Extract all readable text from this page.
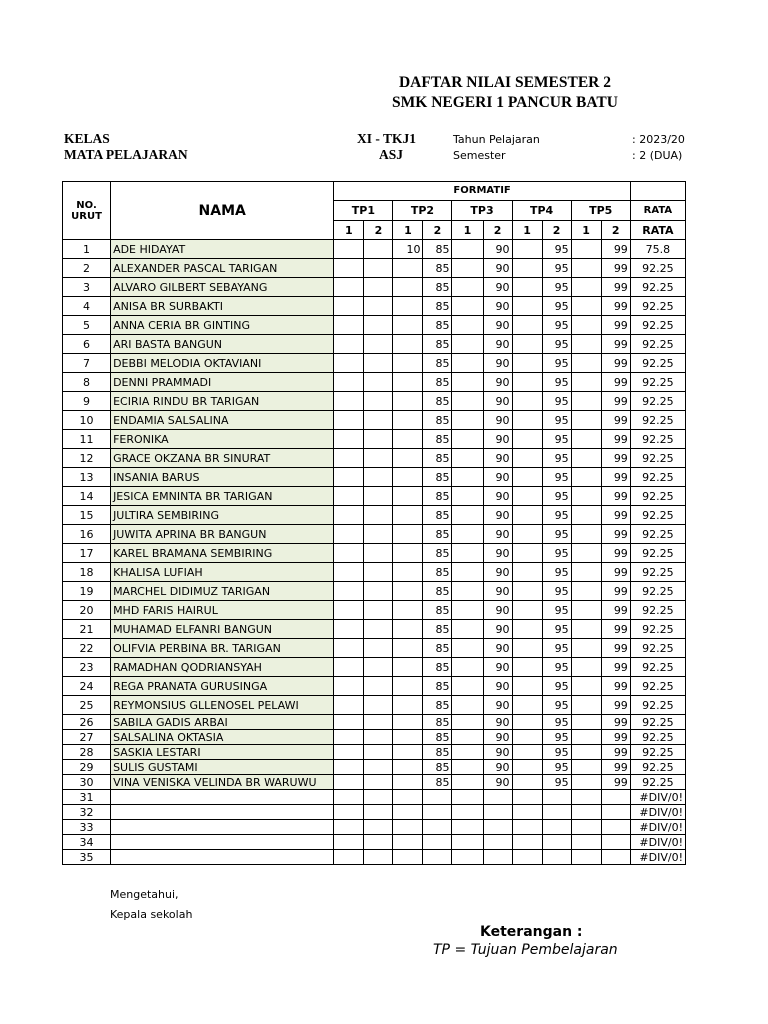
DAFTAR NILAI SEMESTER 2
SMK NEGERI 1 PANCUR BATU
KELAS	XI - TKJ1	Tahun Pelajaran	: 2023/20
MATA PELAJARAN	ASJ	Semester	: 2 (DUA)
NO.
URUT	NAMA	FORMATIF										
		TP1		TP2		TP3		TP4		TP5		RATA
		1	2	1	2	1	2	1	2	1	2	RATA
1	ADE HIDAYAT			10	85		90		95		99	75.8
2	ALEXANDER PASCAL TARIGAN				85		90		95		99	92.25
3	ALVARO GILBERT SEBAYANG				85		90		95		99	92.25
4	ANISA BR SURBAKTI				85		90		95		99	92.25
5	ANNA CERIA BR GINTING				85		90		95		99	92.25
6	ARI BASTA BANGUN				85		90		95		99	92.25
7	DEBBI MELODIA OKTAVIANI				85		90		95		99	92.25
8	DENNI PRAMMADI				85		90		95		99	92.25
9	ECIRIA RINDU BR TARIGAN				85		90		95		99	92.25
10	ENDAMIA SALSALINA				85		90		95		99	92.25
11	FERONIKA				85		90		95		99	92.25
12	GRACE OKZANA BR SINURAT				85		90		95		99	92.25
13	INSANIA BARUS				85		90		95		99	92.25
14	JESICA EMNINTA BR TARIGAN				85		90		95		99	92.25
15	JULTIRA SEMBIRING				85		90		95		99	92.25
16	JUWITA APRINA BR BANGUN				85		90		95		99	92.25
17	KAREL BRAMANA SEMBIRING				85		90		95		99	92.25
18	KHALISA LUFIAH				85		90		95		99	92.25
19	MARCHEL DIDIMUZ TARIGAN				85		90		95		99	92.25
20	MHD FARIS HAIRUL				85		90		95		99	92.25
21	MUHAMAD ELFANRI BANGUN				85		90		95		99	92.25
22	OLIFVIA PERBINA BR. TARIGAN				85		90		95		99	92.25
23	RAMADHAN QODRIANSYAH				85		90		95		99	92.25
24	REGA PRANATA GURUSINGA				85		90		95		99	92.25
25	REYMONSIUS GLLENOSEL PELAWI				85		90		95		99	92.25
26	SABILA GADIS ARBAI				85		90		95		99	92.25
27	SALSALINA OKTASIA				85		90		95		99	92.25
28	SASKIA LESTARI				85		90		95		99	92.25
29	SULIS GUSTAMI				85		90		95		99	92.25
30	VINA VENISKA VELINDA BR WARUWU				85		90		95		99	92.25
31												#DIV/0!
32												#DIV/0!
33												#DIV/0!
34												#DIV/0!
35												#DIV/0!
Mengetahui,
Kepala sekolah
Keterangan :
TP = Tujuan Pembelajaran
